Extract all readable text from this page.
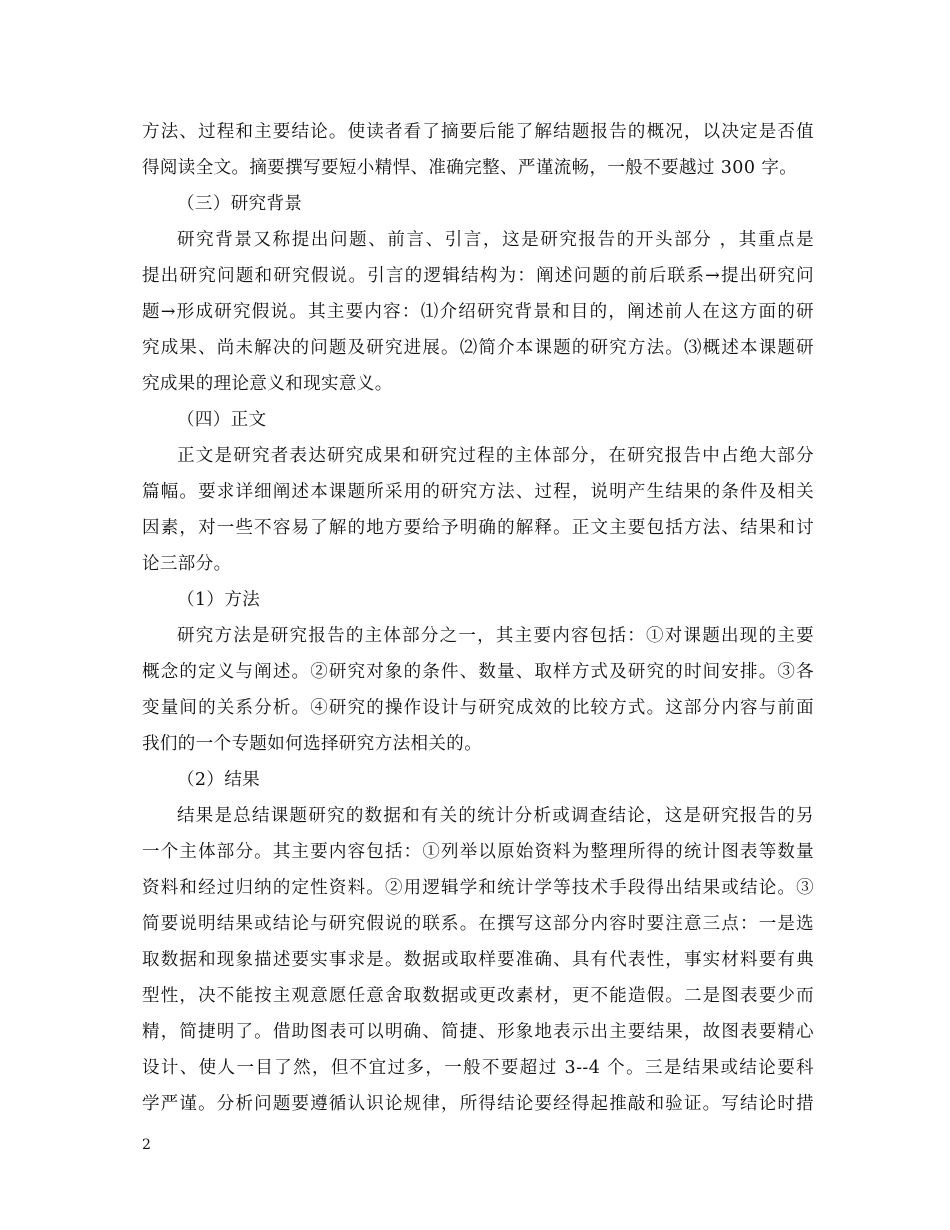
方法、过程和主要结论。使读者看了摘要后能了解结题报告的概况，以决定是否值
得阅读全文。摘要撰写要短小精悍、准确完整、严谨流畅，一般不要越过 300 字。
（三）研究背景
研究背景又称提出问题、前言、引言，这是研究报告的开头部分 ，其重点是
提出研究问题和研究假说。引言的逻辑结构为：阐述问题的前后联系→提出研究问
题→形成研究假说。其主要内容：⑴介绍研究背景和目的，阐述前人在这方面的研
究成果、尚未解决的问题及研究进展。⑵简介本课题的研究方法。⑶概述本课题研
究成果的理论意义和现实意义。
（四）正文
正文是研究者表达研究成果和研究过程的主体部分，在研究报告中占绝大部分
篇幅。要求详细阐述本课题所采用的研究方法、过程，说明产生结果的条件及相关
因素，对一些不容易了解的地方要给予明确的解释。正文主要包括方法、结果和讨
论三部分。
（1）方法
研究方法是研究报告的主体部分之一，其主要内容包括：①对课题出现的主要
概念的定义与阐述。②研究对象的条件、数量、取样方式及研究的时间安排。③各
变量间的关系分析。④研究的操作设计与研究成效的比较方式。这部分内容与前面
我们的一个专题如何选择研究方法相关的。
（2）结果
结果是总结课题研究的数据和有关的统计分析或调查结论，这是研究报告的另
一个主体部分。其主要内容包括：①列举以原始资料为整理所得的统计图表等数量
资料和经过归纳的定性资料。②用逻辑学和统计学等技术手段得出结果或结论。③
简要说明结果或结论与研究假说的联系。在撰写这部分内容时要注意三点：一是选
取数据和现象描述要实事求是。数据或取样要准确、具有代表性，事实材料要有典
型性，决不能按主观意愿任意舍取数据或更改素材，更不能造假。二是图表要少而
精，简捷明了。借助图表可以明确、简捷、形象地表示出主要结果，故图表要精心
设计、使人一目了然，但不宜过多，一般不要超过 3--4 个。三是结果或结论要科
学严谨。分析问题要遵循认识论规律，所得结论要经得起推敲和验证。写结论时措
2
